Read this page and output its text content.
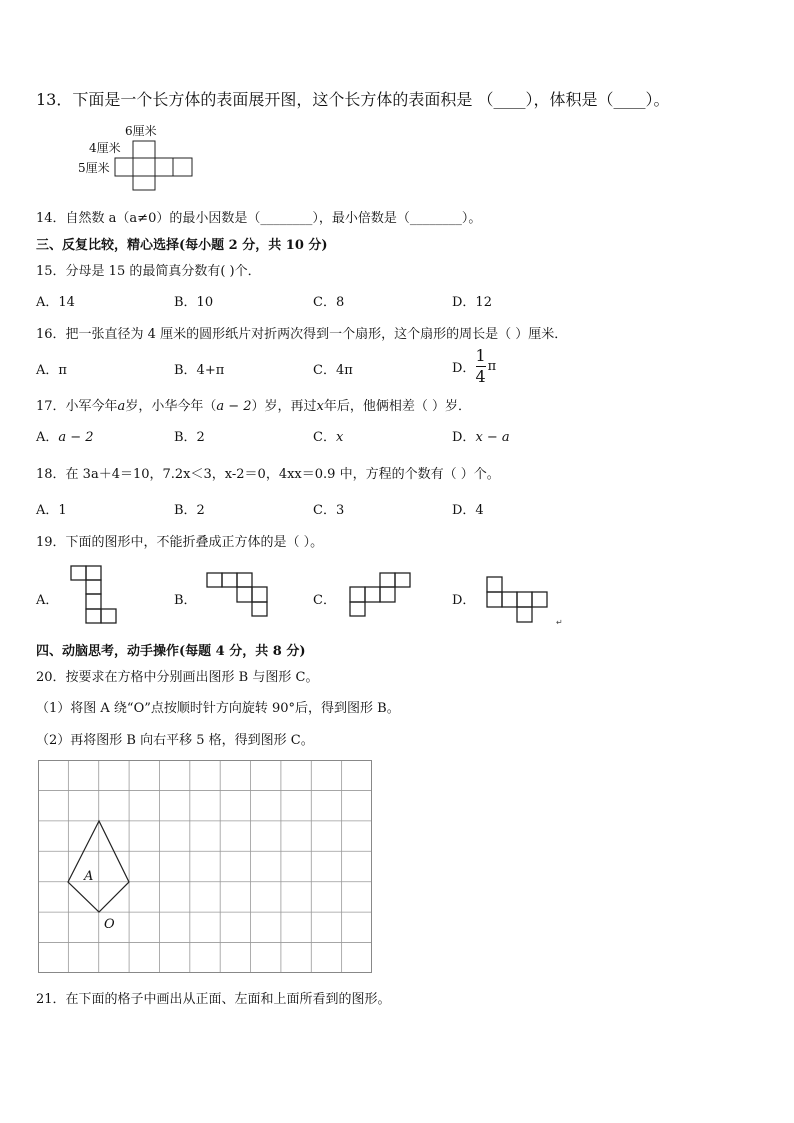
13．下面是一个长方体的表面展开图，这个长方体的表面积是 （____），体积是（____）。
6厘米
4厘米
5厘米
14．自然数 a（a≠0）的最小因数是（________），最小倍数是（________）。
三、反复比较，精心选择(每小题 2 分，共 10 分)
15．分母是 15 的最简真分数有( )个．
A．14	B．10	C．8	D．12
16．把一张直径为 4 厘米的圆形纸片对折两次得到一个扇形，这个扇形的周长是（ ）厘米．
A．π	B．4+π	C．4π	D． $\frac{1}{4}$ π
17．小军今年a岁，小华今年（a − 2）岁，再过x年后，他俩相差（ ）岁．
A．a − 2	B．2	C．x	D．x − a
18．在 3a＋4＝10，7.2x＜3，x-2＝0，4xx＝0.9 中，方程的个数有（ ）个。
A．1	B．2	C．3	D．4
19．下面的图形中，不能折叠成正方体的是（ ）。
A．	B．	C．	D．
↵
四、动脑思考，动手操作(每题 4 分，共 8 分)
20．按要求在方格中分别画出图形 B 与图形 C。
（1）将图 A 绕“O”点按顺时针方向旋转 90°后，得到图形 B。
（2）再将图形 B 向右平移 5 格，得到图形 C。
A
O
21．在下面的格子中画出从正面、左面和上面所看到的图形。
